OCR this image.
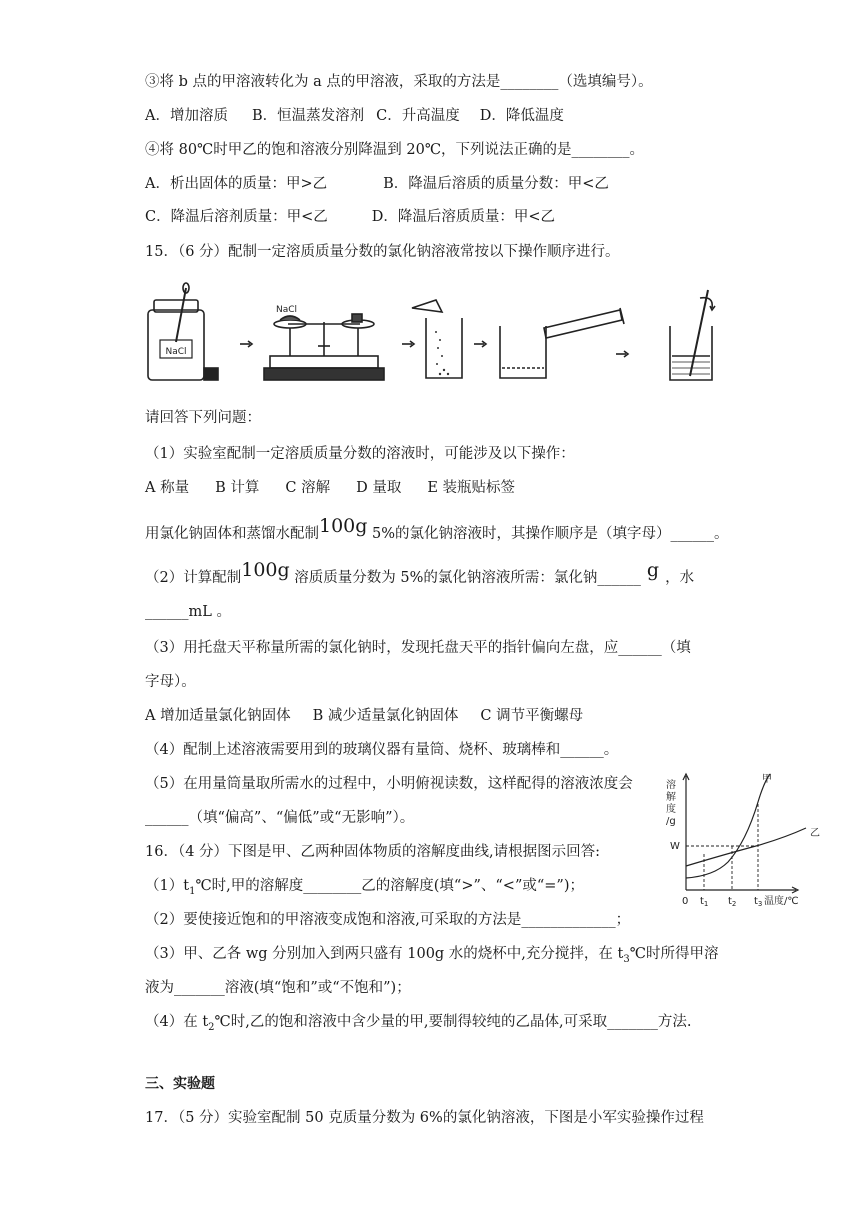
③将 b 点的甲溶液转化为 a 点的甲溶液，采取的方法是________（选填编号）。
A．增加溶质 B．恒温蒸发溶剂 C．升高温度 D．降低温度
④将 80℃时甲乙的饱和溶液分别降温到 20℃，下列说法正确的是________。
A．析出固体的质量：甲>乙	B．降温后溶质的质量分数：甲<乙
C．降温后溶剂质量：甲<乙	D．降温后溶质质量：甲<乙
15．（6 分）配制一定溶质质量分数的氯化钠溶液常按以下操作顺序进行。
NaCl
NaCl
请回答下列问题：
（1）实验室配制一定溶质质量分数的溶液时，可能涉及以下操作：
A 称量 B 计算 C 溶解 D 量取 E 装瓶贴标签
用氯化钠固体和蒸馏水配制100g 5%的氯化钠溶液时，其操作顺序是（填字母）______。
（2）计算配制100g 溶质质量分数为 5%的氯化钠溶液所需：氯化钠______ g ，水
______mL 。
（3）用托盘天平称量所需的氯化钠时，发现托盘天平的指针偏向左盘，应______（填
字母）。
A 增加适量氯化钠固体 B 减少适量氯化钠固体 C 调节平衡螺母
（4）配制上述溶液需要用到的玻璃仪器有量筒、烧杯、玻璃棒和______。
（5）在用量筒量取所需水的过程中，小明俯视读数，这样配得的溶液浓度会
______（填“偏高”、“偏低”或“无影响”）。
16．（4 分）下图是甲、乙两种固体物质的溶解度曲线,请根据图示回答:
$(1)t_1℃$时,甲的溶解度________乙的溶解度(填“>”、“<”或“=”)；
（2）要使接近饱和的甲溶液变成饱和溶液,可采取的方法是_____________；
（3）甲、乙各 wg 分别加入到两只盛有 100g 水的烧杯中,充分搅拌，在 $t_3℃$时所得甲溶
液为_______溶液(填“饱和”或“不饱和”)；
（4）在 $t_2℃$时,乙的饱和溶液中含少量的甲,要制得较纯的乙晶体,可采取_______方法.
溶
解
度
/g
W
0 $t_1$ $t_2$ $t_3$ 温度/℃
甲
乙
三、实验题
17．（5 分）实验室配制 50 克质量分数为 6%的氯化钠溶液，下图是小军实验操作过程
